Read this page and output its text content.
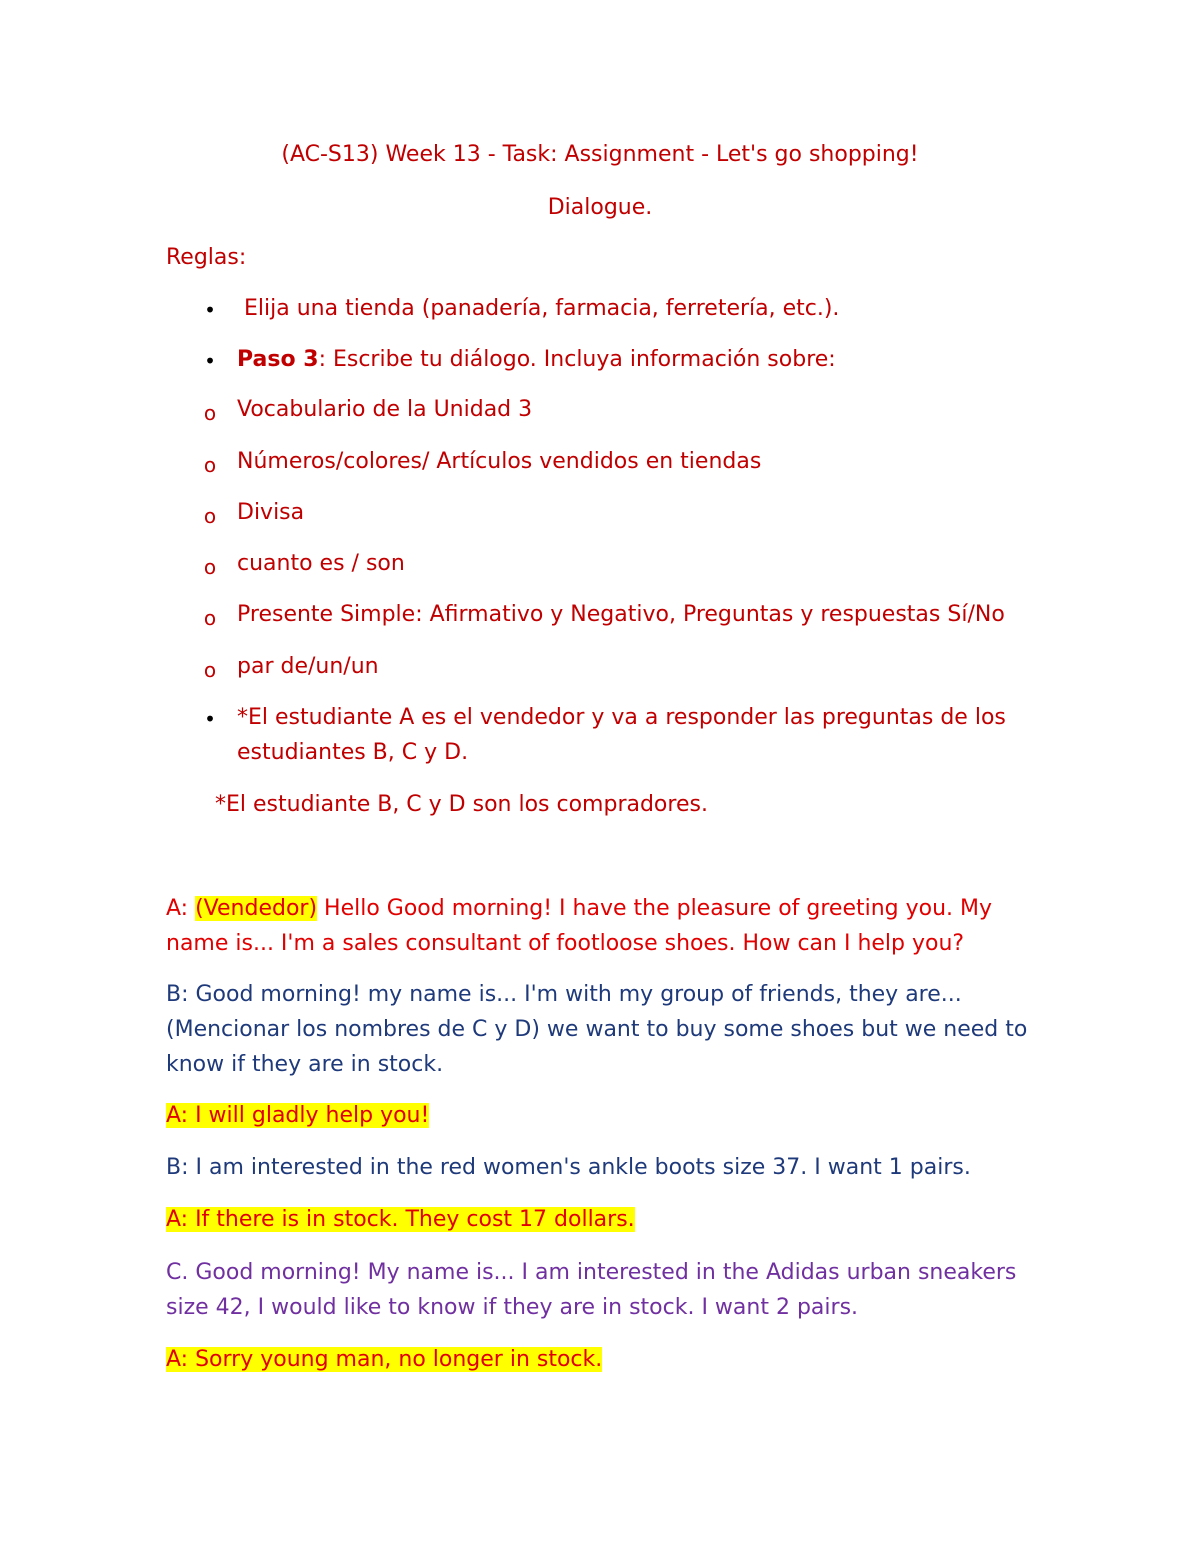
(AC-S13) Week 13 - Task: Assignment - Let's go shopping!
Dialogue.
Reglas:
• Elija una tienda (panadería, farmacia, ferretería, etc.).
• Paso 3: Escribe tu diálogo. Incluya información sobre:
o Vocabulario de la Unidad 3
o Números/colores/ Artículos vendidos en tiendas
o Divisa
o cuanto es / son
o Presente Simple: Afirmativo y Negativo, Preguntas y respuestas Sí/No
o par de/un/un
• *El estudiante A es el vendedor y va a responder las preguntas de los
estudiantes B, C y D.
*El estudiante B, C y D son los compradores.
A: (Vendedor) Hello Good morning! I have the pleasure of greeting you. My name is... I'm a sales consultant of footloose shoes. How can I help you?
B: Good morning! my name is... I'm with my group of friends, they are... (Mencionar los nombres de C y D) we want to buy some shoes but we need to know if they are in stock.
A: I will gladly help you!
B: I am interested in the red women's ankle boots size 37. I want 1 pairs.
A: If there is in stock. They cost 17 dollars.
C. Good morning! My name is... I am interested in the Adidas urban sneakers size 42, I would like to know if they are in stock. I want 2 pairs.
A: Sorry young man, no longer in stock.
